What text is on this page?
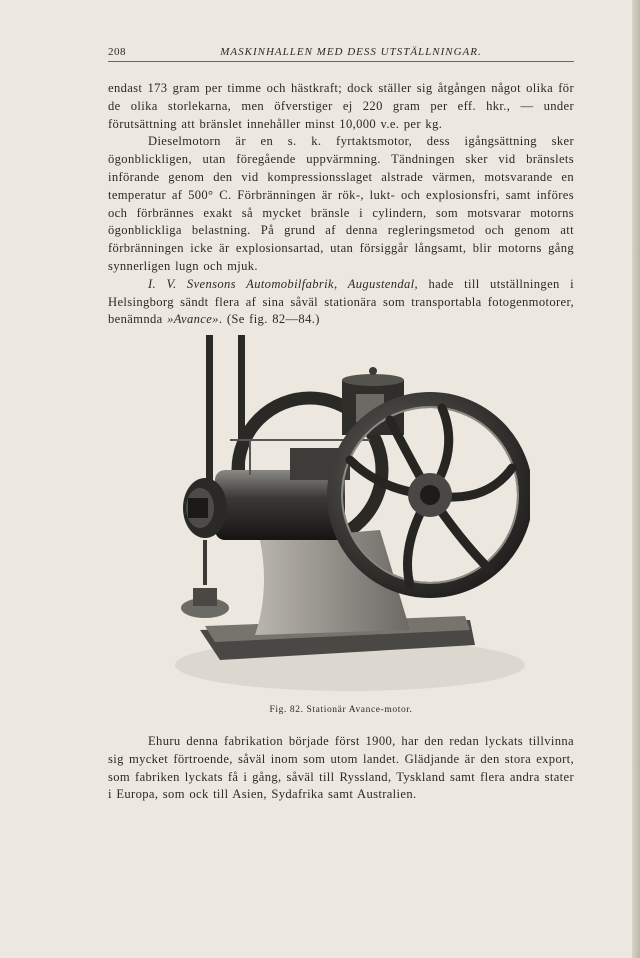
208	MASKINHALLEN MED DESS UTSTÄLLNINGAR.

endast 173 gram per timme och hästkraft; dock ställer sig åtgången något olika för de olika storlekarna, men öfverstiger ej 220 gram per eff. hkr., — under förutsättning att bränslet innehåller minst 10,000 v.e. per kg.

Dieselmotorn är en s. k. fyrtaktsmotor, dess igångsättning sker ögonblickligen, utan föregående uppvärmning. Tändningen sker vid bränslets införande genom den vid kompressionsslaget alstrade värmen, motsvarande en temperatur af 500° C. Förbränningen är rök-, lukt- och explosionsfri, samt införes och förbrännes exakt så mycket bränsle i cylindern, som motsvarar motorns ögonblickliga belastning. På grund af denna regleringsmetod och genom att förbränningen icke är explosionsartad, utan försiggår långsamt, blir motorns gång synnerligen lugn och mjuk.

I. V. Svensons Automobilfabrik, Augustendal, hade till utställningen i Helsingborg sändt flera af sina såväl stationära som transportabla fotogenmotorer, benämnda »Avance». (Se fig. 82—84.)

Fig. 82. Stationär Avance-motor.

Ehuru denna fabrikation började först 1900, har den redan lyckats tillvinna sig mycket förtroende, såväl inom som utom landet. Glädjande är den stora export, som fabriken lyckats få i gång, såväl till Ryssland, Tyskland samt flera andra stater i Europa, som ock till Asien, Sydafrika samt Australien.
